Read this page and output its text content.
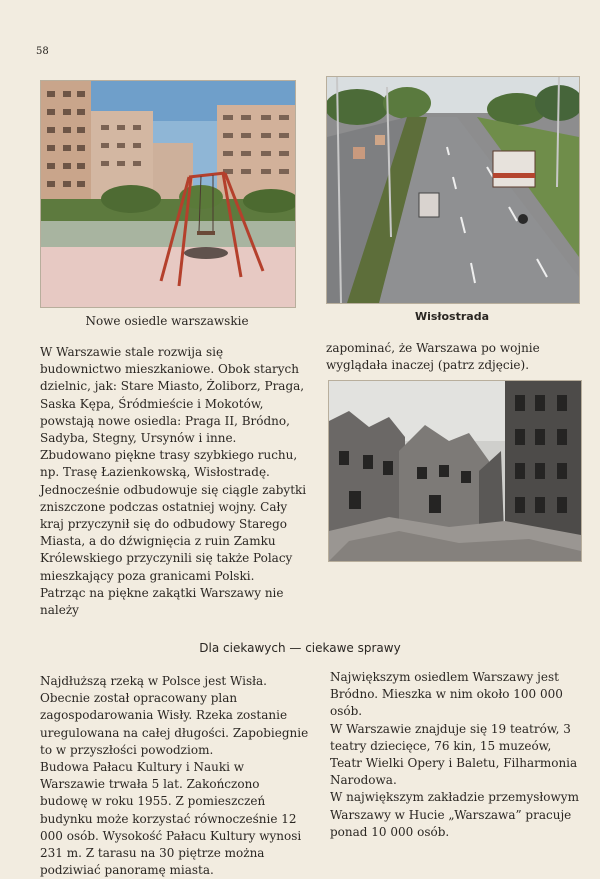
58
Nowe osiedle warszawskie	Wisłostrada
W Warszawie stale rozwija się budownictwo mieszkaniowe. Obok starych dzielnic, jak: Stare Miasto, Żoliborz, Praga, Saska Kępa, Śródmieście i Mokotów, powstają nowe osiedla: Praga II, Bródno, Sadyba, Stegny, Ursynów i inne.
Zbudowano piękne trasy szybkiego ruchu, np. Trasę Łazienkowską, Wisłostradę.
Jednocześnie odbudowuje się ciągle zabytki zniszczone podczas ostatniej wojny. Cały kraj przyczynił się do odbudowy Starego Miasta, a do dźwignięcia z ruin Zamku Królewskiego przyczynili się także Polacy mieszkający poza granicami Polski.
Patrząc na piękne zakątki Warszawy nie należy
zapominać, że Warszawa po wojnie wyglądała inaczej (patrz zdjęcie).
Dla ciekawych — ciekawe sprawy
Najdłuższą rzeką w Polsce jest Wisła. Obecnie został opracowany plan zagospodarowania Wisły. Rzeka zostanie uregulowana na całej długości. Zapobiegnie to w przyszłości powodziom.
Budowa Pałacu Kultury i Nauki w Warszawie trwała 5 lat. Zakończono budowę w roku 1955. Z pomieszczeń budynku może korzystać równocześnie 12 000 osób. Wysokość Pałacu Kultury wynosi 231 m. Z tarasu na 30 piętrze można podziwiać panoramę miasta.
Największym osiedlem Warszawy jest Bródno. Mieszka w nim około 100 000 osób.
W Warszawie znajduje się 19 teatrów, 3 teatry dziecięce, 76 kin, 15 muzeów, Teatr Wielki Opery i Baletu, Filharmonia Narodowa.
W największym zakładzie przemysłowym Warszawy w Hucie „Warszawa” pracuje ponad 10 000 osób.
